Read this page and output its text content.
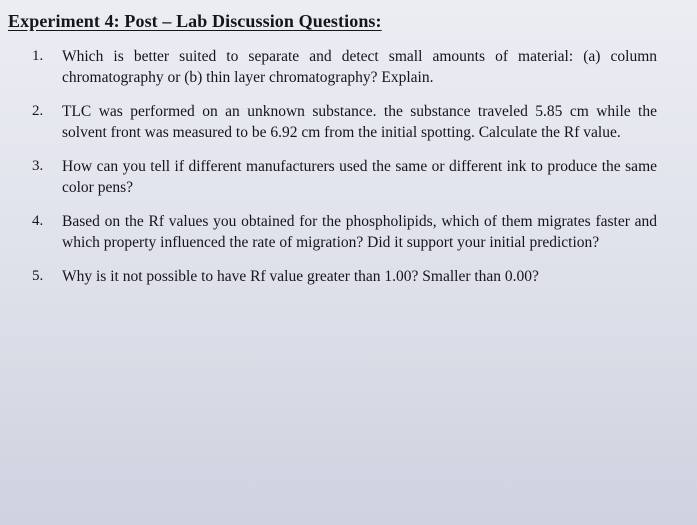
Experiment 4: Post – Lab Discussion Questions:
1.	Which is better suited to separate and detect small amounts of material: (a) column chromatography or (b) thin layer chromatography? Explain.
2.	TLC was performed on an unknown substance. the substance traveled 5.85 cm while the solvent front was measured to be 6.92 cm from the initial spotting. Calculate the Rf value.
3.	How can you tell if different manufacturers used the same or different ink to produce the same color pens?
4.	Based on the Rf values you obtained for the phospholipids, which of them migrates faster and which property influenced the rate of migration? Did it support your initial prediction?
5.	Why is it not possible to have Rf value greater than 1.00? Smaller than 0.00?
